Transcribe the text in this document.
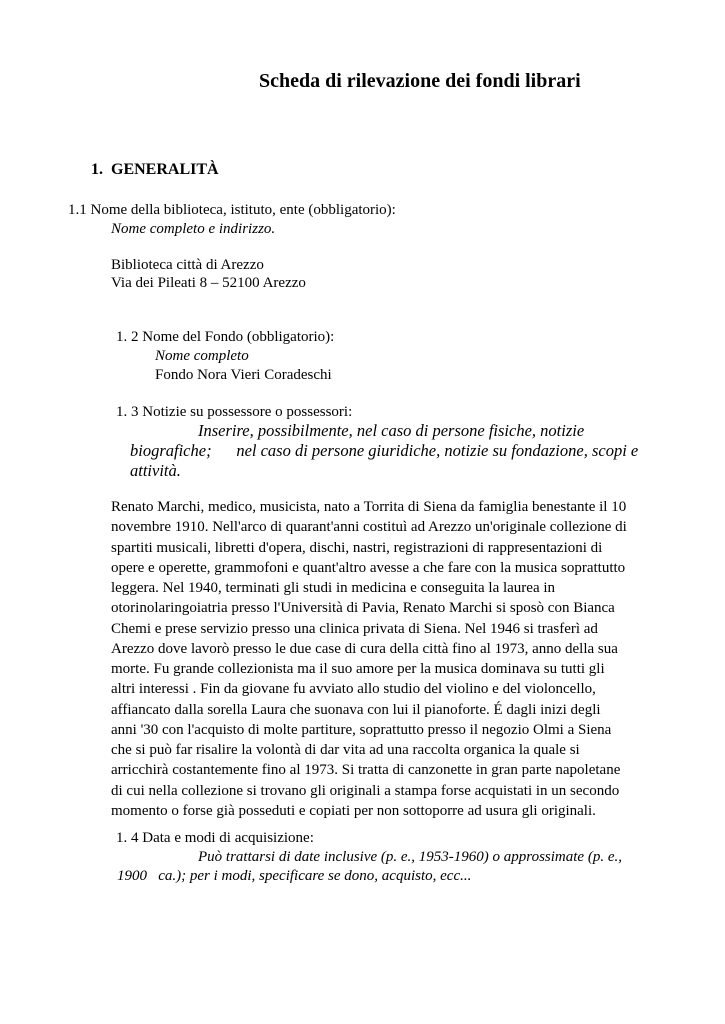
Scheda di rilevazione dei fondi librari
1. GENERALITÀ
1.1 Nome della biblioteca, istituto, ente (obbligatorio):
Nome completo e indirizzo.
Biblioteca città di Arezzo
Via dei Pileati 8 – 52100 Arezzo
1. 2 Nome del Fondo (obbligatorio):
Nome completo
Fondo Nora Vieri Coradeschi
1. 3 Notizie su possessore o possessori:
Inserire, possibilmente, nel caso di persone fisiche, notizie
biografiche;      nel caso di persone giuridiche, notizie su fondazione, scopi e
attività.
Renato Marchi, medico, musicista, nato a Torrita di Siena da famiglia benestante il 10
novembre 1910. Nell'arco di quarant'anni costituì ad Arezzo un'originale collezione di
spartiti musicali, libretti d'opera, dischi, nastri, registrazioni di rappresentazioni di
opere e operette, grammofoni e quant'altro avesse a che fare con la musica soprattutto
leggera. Nel 1940, terminati gli studi in medicina e conseguita la laurea in
otorinolaringoiatria presso l'Università di Pavia, Renato Marchi si sposò con Bianca
Chemi e prese servizio presso una clinica privata di Siena. Nel 1946 si trasferì ad
Arezzo dove lavorò presso le due case di cura della città fino al 1973, anno della sua
morte. Fu grande collezionista ma il suo amore per la musica dominava su tutti gli
altri interessi . Fin da giovane fu avviato allo studio del violino e del violoncello,
affiancato dalla sorella Laura che suonava con lui il pianoforte. É dagli inizi degli
anni '30 con l'acquisto di molte partiture, soprattutto presso il negozio Olmi a Siena
che si può far risalire la volontà di dar vita ad una raccolta organica la quale si
arricchirà costantemente fino al 1973. Si tratta di canzonette in gran parte napoletane
di cui nella collezione si trovano gli originali a stampa forse acquistati in un secondo
momento o forse già posseduti e copiati per non sottoporre ad usura gli originali.
1. 4 Data e modi di acquisizione:
Può trattarsi di date inclusive (p. e., 1953-1960) o approssimate (p. e.,
1900   ca.); per i modi, specificare se dono, acquisto, ecc...
